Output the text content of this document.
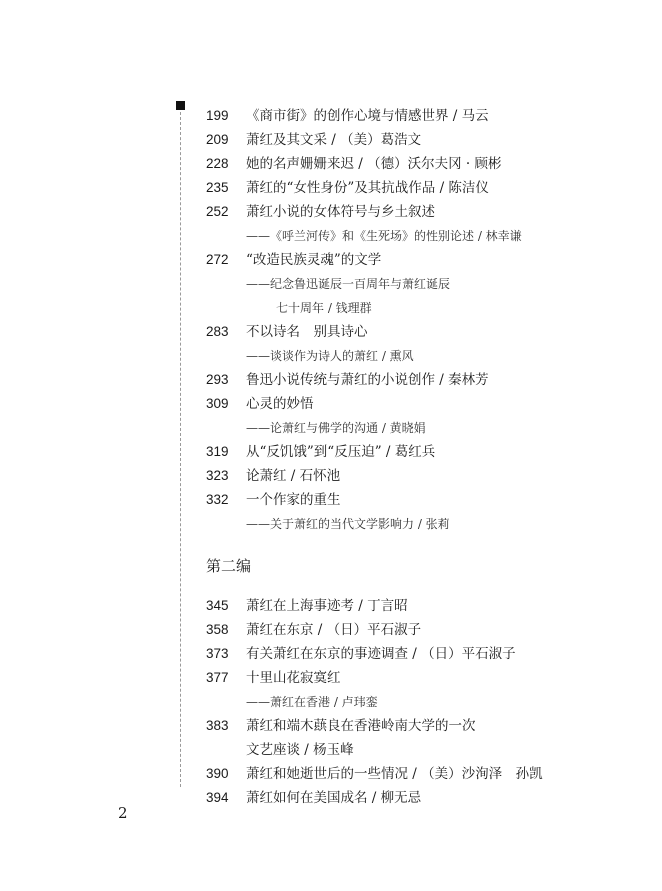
199	《商市街》的创作心境与情感世界 / 马云
209	萧红及其文采 / （美）葛浩文
228	她的名声姗姗来迟 / （德）沃尔夫冈 · 顾彬
235	萧红的“女性身份”及其抗战作品 / 陈洁仪
252	萧红小说的女体符号与乡土叙述
——《呼兰河传》和《生死场》的性别论述 / 林幸谦
272	“改造民族灵魂”的文学
——纪念鲁迅诞辰一百周年与萧红诞辰
七十周年 / 钱理群
283	不以诗名　别具诗心
——谈谈作为诗人的萧红 / 熏风
293	鲁迅小说传统与萧红的小说创作 / 秦林芳
309	心灵的妙悟
——论萧红与佛学的沟通 / 黄晓娟
319	从“反饥饿”到“反压迫” / 葛红兵
323	论萧红 / 石怀池
332	一个作家的重生
——关于萧红的当代文学影响力 / 张莉
第二编
345	萧红在上海事迹考 / 丁言昭
358	萧红在东京 / （日）平石淑子
373	有关萧红在东京的事迹调查 / （日）平石淑子
377	十里山花寂寞红
——萧红在香港 / 卢玮銮
383	萧红和端木蕻良在香港岭南大学的一次
文艺座谈 / 杨玉峰
390	萧红和她逝世后的一些情况 / （美）沙洵泽　孙凯
394	萧红如何在美国成名 / 柳无忌
2
